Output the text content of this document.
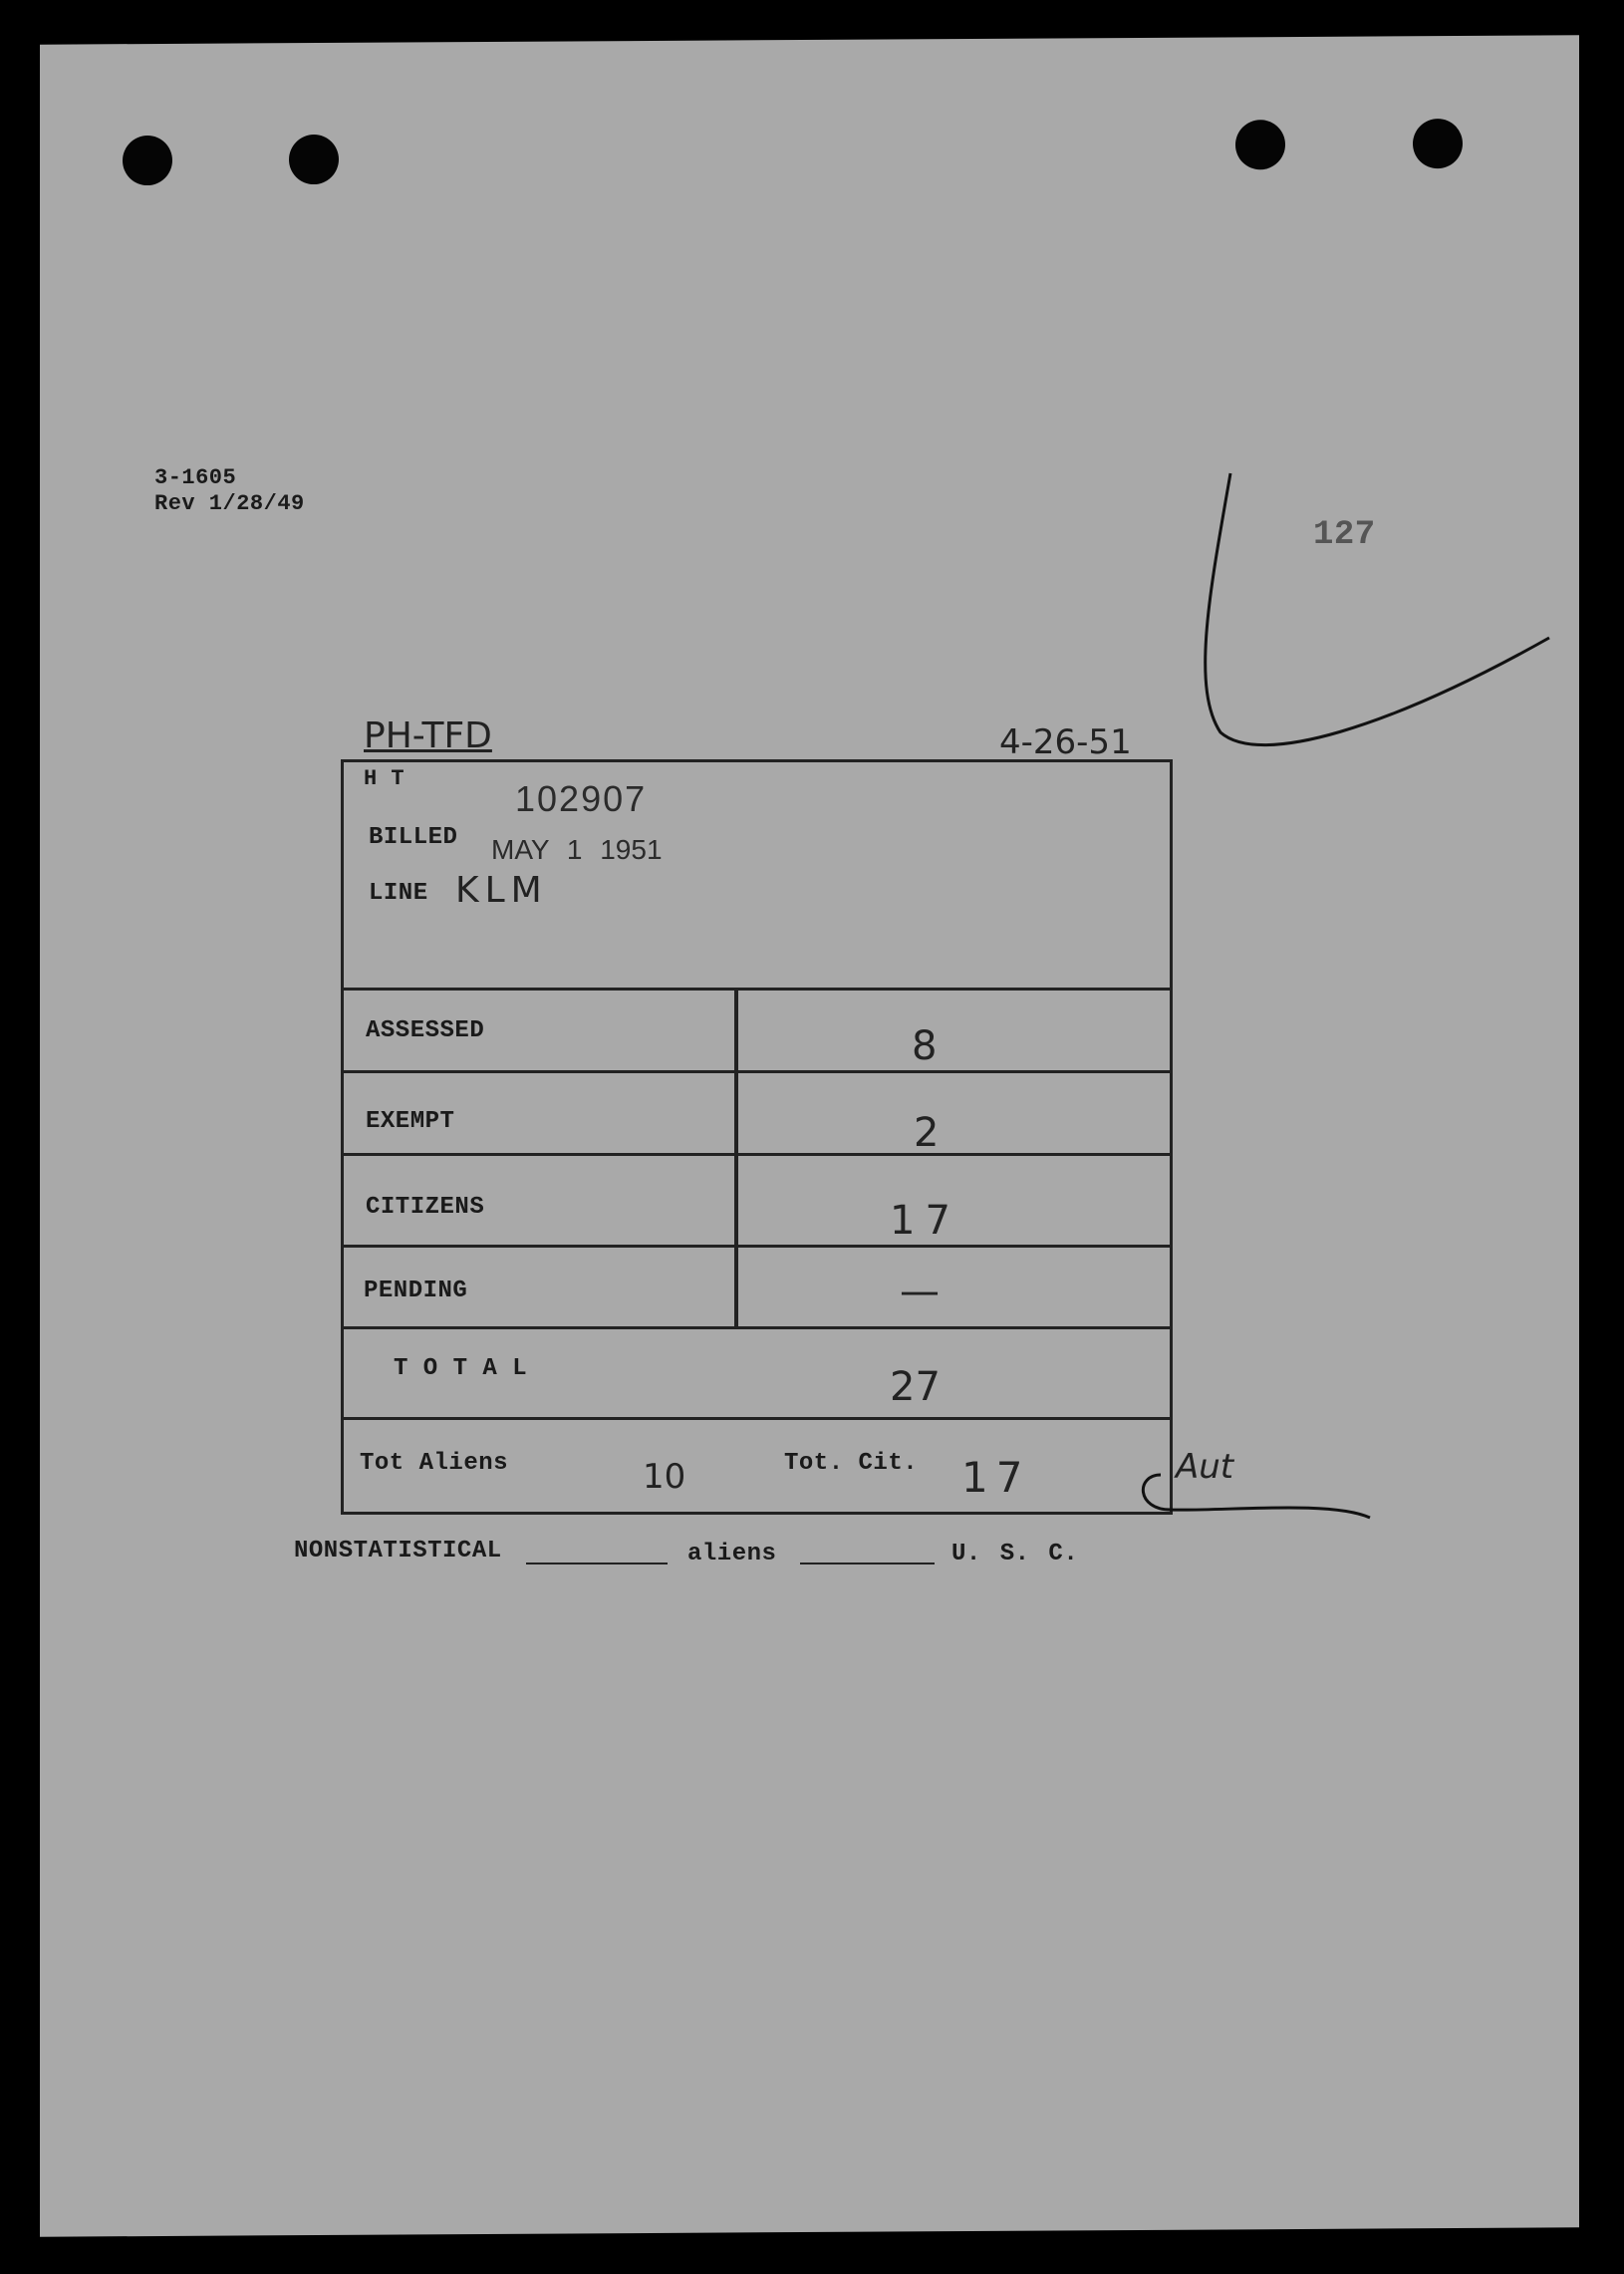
3-1605
Rev 1/28/49
127
PH-TFD	4-26-51
H T	102907
BILLED MAY 1 1951
LINE KLM
ASSESSED	8
EXEMPT	2
CITIZENS	17
PENDING	—
T O T A L	27
Tot Aliens	10	Tot. Cit. 17	Aut
NONSTATISTICAL	aliens	U. S. C.
